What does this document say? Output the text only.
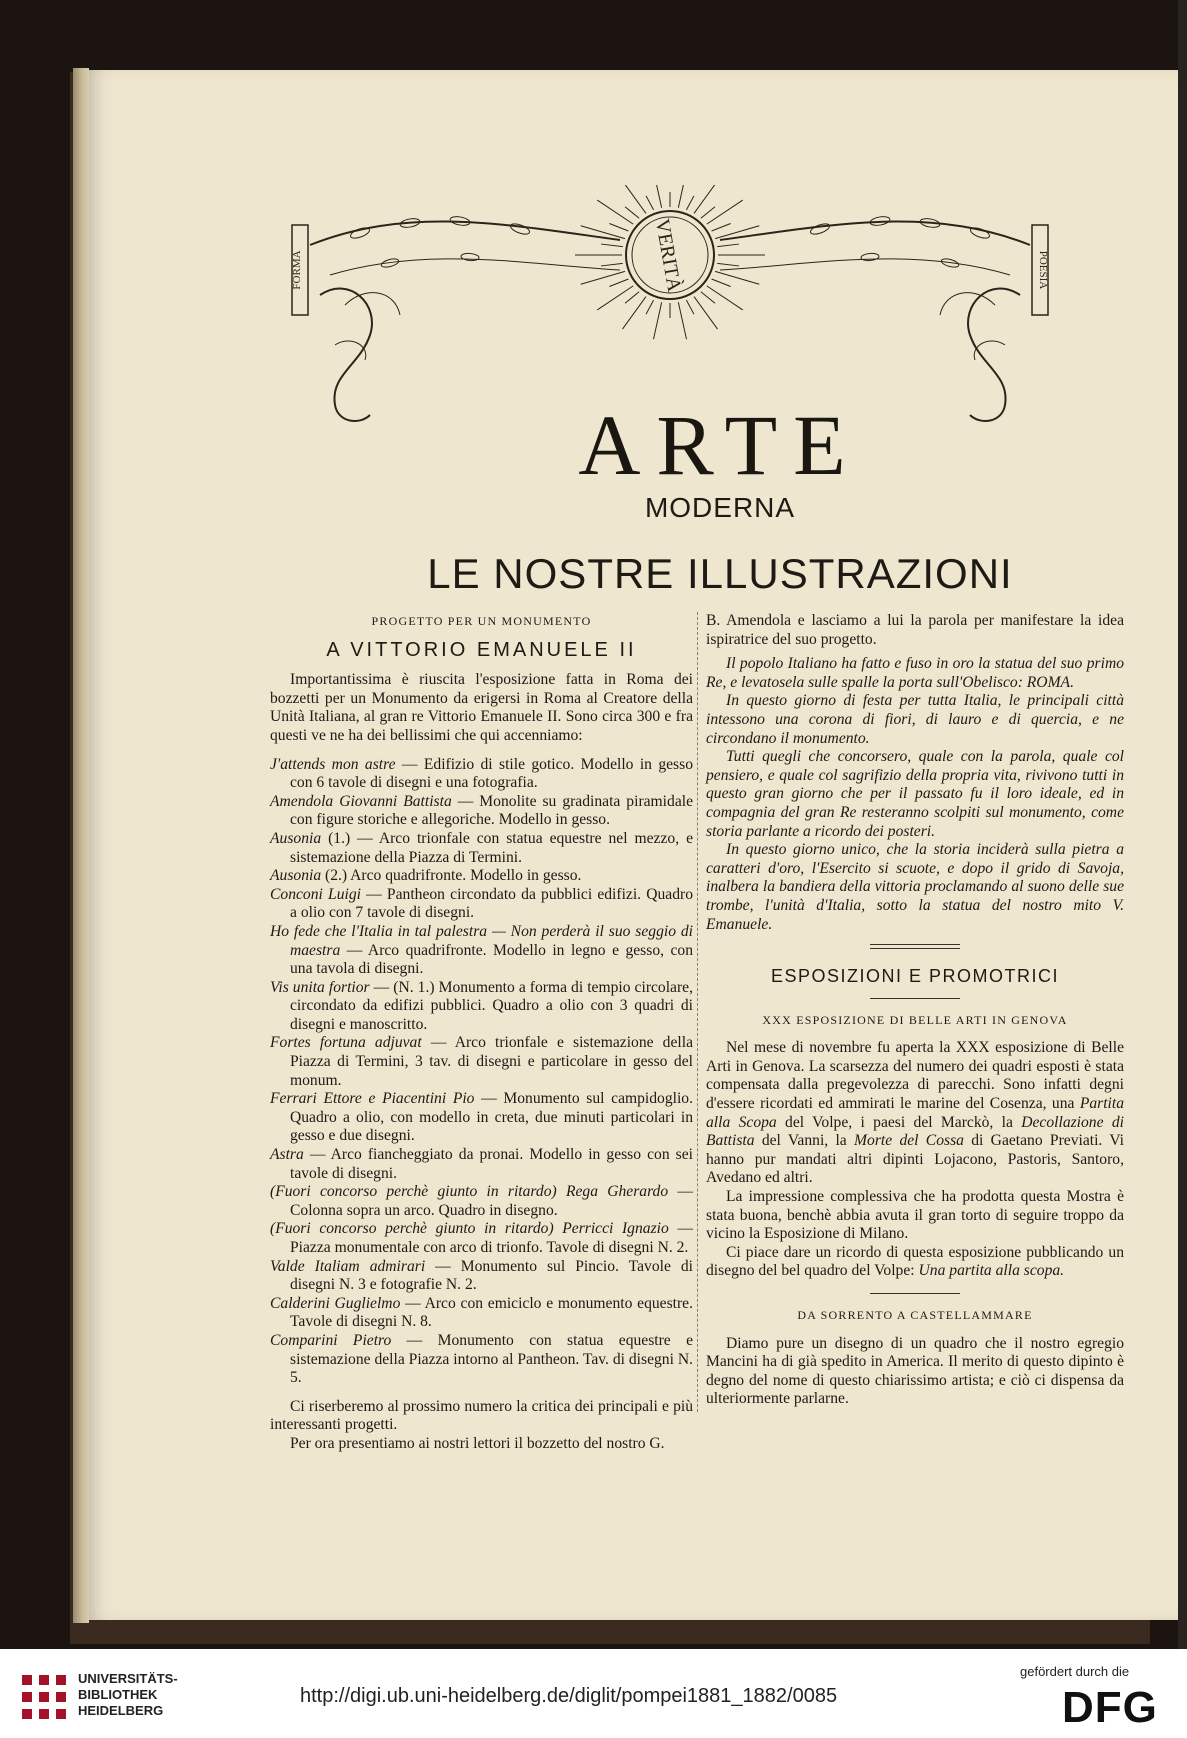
VERITÀ
FORMA	POESIA
ARTE
MODERNA
LE NOSTRE ILLUSTRAZIONI
PROGETTO PER UN MONUMENTO
A VITTORIO EMANUELE II

Importantissima è riuscita l'esposizione fatta in Roma dei bozzetti per un Monumento da erigersi in Roma al Creatore della Unità Italiana, al gran re Vittorio Emanuele II. Sono circa 300 e fra questi ve ne ha dei bellissimi che qui accenniamo:

J'attends mon astre — Edifizio di stile gotico. Modello in gesso con 6 tavole di disegni e una fotografia.
Amendola Giovanni Battista — Monolite su gradinata piramidale con figure storiche e allegoriche. Modello in gesso.
Ausonia (1.) — Arco trionfale con statua equestre nel mezzo, e sistemazione della Piazza di Termini.
Ausonia (2.) Arco quadrifronte. Modello in gesso.
Conconi Luigi — Pantheon circondato da pubblici edifizi. Quadro a olio con 7 tavole di disegni.
Ho fede che l'Italia in tal palestra — Non perderà il suo seggio di maestra — Arco quadrifronte. Modello in legno e gesso, con una tavola di disegni.
Vis unita fortior — (N. 1.) Monumento a forma di tempio circolare, circondato da edifizi pubblici. Quadro a olio con 3 quadri di disegni e manoscritto.
Fortes fortuna adjuvat — Arco trionfale e sistemazione della Piazza di Termini, 3 tav. di disegni e particolare in gesso del monum.
Ferrari Ettore e Piacentini Pio — Monumento sul campidoglio. Quadro a olio, con modello in creta, due minuti particolari in gesso e due disegni.
Astra — Arco fiancheggiato da pronai. Modello in gesso con sei tavole di disegni.
(Fuori concorso perchè giunto in ritardo) Rega Gherardo — Colonna sopra un arco. Quadro in disegno.
(Fuori concorso perchè giunto in ritardo) Perricci Ignazio — Piazza monumentale con arco di trionfo. Tavole di disegni N. 2.
Valde Italiam admirari — Monumento sul Pincio. Tavole di disegni N. 3 e fotografie N. 2.
Calderini Guglielmo — Arco con emiciclo e monumento equestre. Tavole di disegni N. 8.
Comparini Pietro — Monumento con statua equestre e sistemazione della Piazza intorno al Pantheon. Tav. di disegni N. 5.

Ci riserberemo al prossimo numero la critica dei principali e più interessanti progetti.

Per ora presentiamo ai nostri lettori il bozzetto del nostro G.

B. Amendola e lasciamo a lui la parola per manifestare la idea ispiratrice del suo progetto.

Il popolo Italiano ha fatto e fuso in oro la statua del suo primo Re, e levatosela sulle spalle la porta sull'Obelisco: ROMA.

In questo giorno di festa per tutta Italia, le principali città intessono una corona di fiori, di lauro e di quercia, e ne circondano il monumento.

Tutti quegli che concorsero, quale con la parola, quale col pensiero, e quale col sagrifizio della propria vita, rivivono tutti in questo gran giorno che per il passato fu il loro ideale, ed in compagnia del gran Re resteranno scolpiti sul monumento, come storia parlante a ricordo dei posteri.

In questo giorno unico, che la storia inciderà sulla pietra a caratteri d'oro, l'Esercito si scuote, e dopo il grido di Savoja, inalbera la bandiera della vittoria proclamando al suono delle sue trombe, l'unità d'Italia, sotto la statua del nostro mito V. Emanuele.

ESPOSIZIONI E PROMOTRICI
XXX ESPOSIZIONE DI BELLE ARTI IN GENOVA

Nel mese di novembre fu aperta la XXX esposizione di Belle Arti in Genova. La scarsezza del numero dei quadri esposti è stata compensata dalla pregevolezza di parecchi. Sono infatti degni d'essere ricordati ed ammirati le marine del Cosenza, una Partita alla Scopa del Volpe, i paesi del Marckò, la Decollazione di Battista del Vanni, la Morte del Cossa di Gaetano Previati. Vi hanno pur mandati altri dipinti Lojacono, Pastoris, Santoro, Avedano ed altri.

La impressione complessiva che ha prodotta questa Mostra è stata buona, benchè abbia avuta il gran torto di seguire troppo da vicino la Esposizione di Milano.

Ci piace dare un ricordo di questa esposizione pubblicando un disegno del bel quadro del Volpe: Una partita alla scopa.

DA SORRENTO A CASTELLAMMARE

Diamo pure un disegno di un quadro che il nostro egregio Mancini ha di già spedito in America. Il merito di questo dipinto è degno del nome di questo chiarissimo artista; e ciò ci dispensa da ulteriormente parlarne.

UNIVERSITÄTS-
BIBLIOTHEK
HEIDELBERG
http://digi.ub.uni-heidelberg.de/diglit/pompei1881_1882/0085
gefördert durch die
DFG
